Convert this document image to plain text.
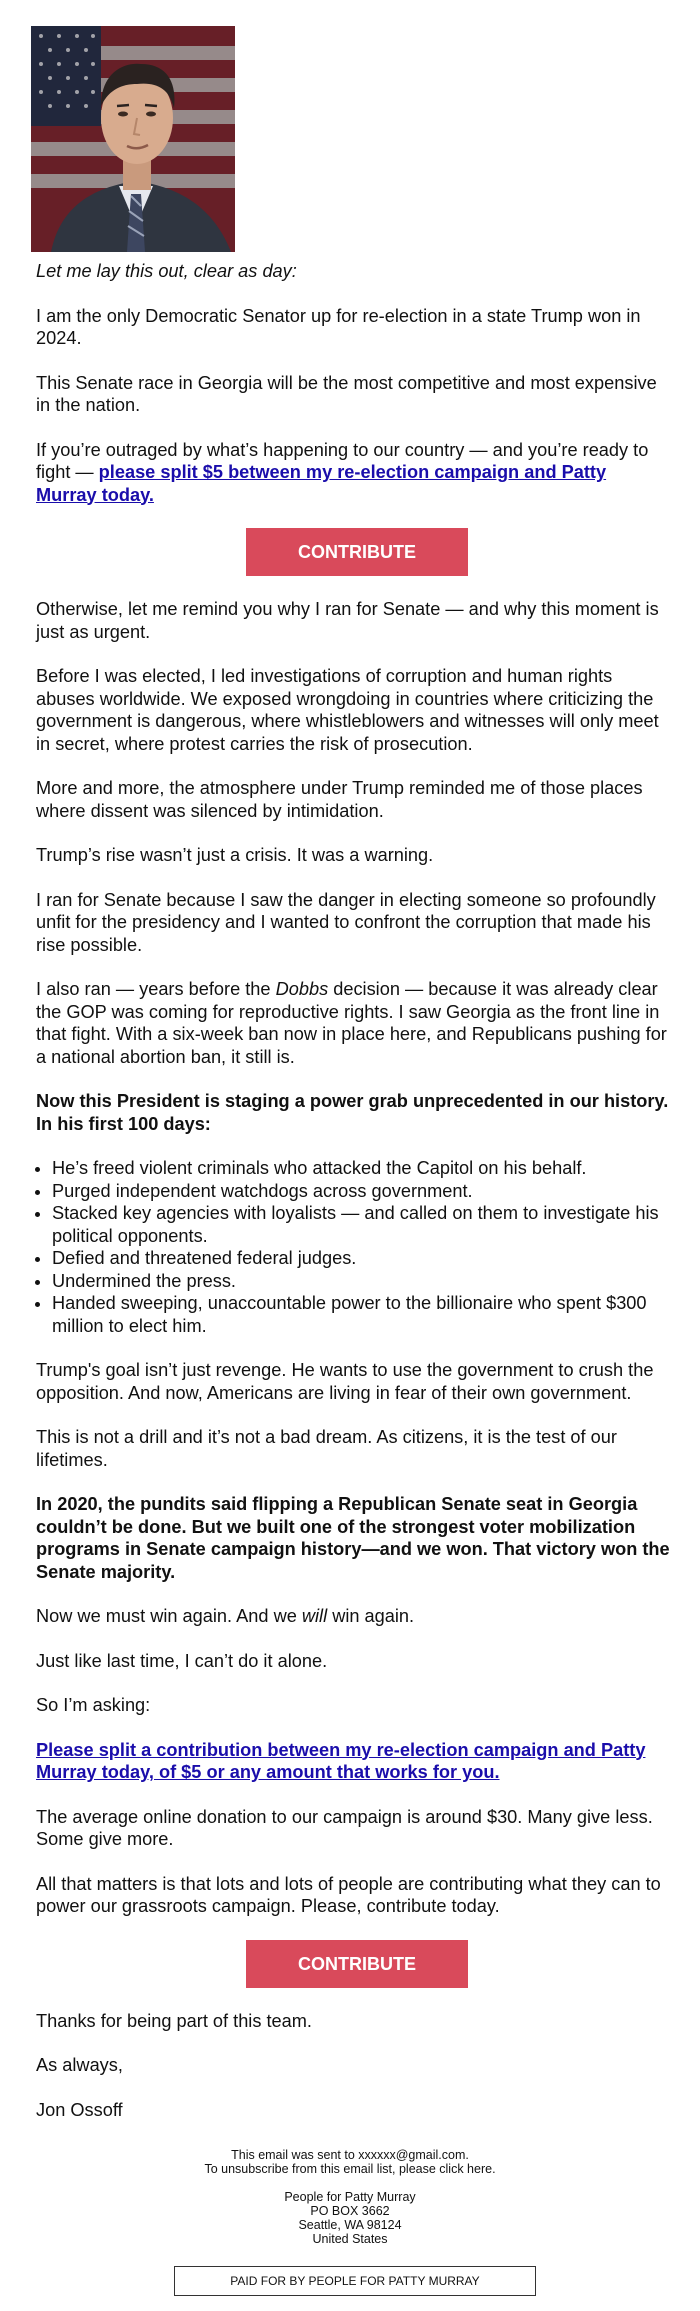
Let me lay this out, clear as day:

I am the only Democratic Senator up for re-election in a state Trump won in 2024.

This Senate race in Georgia will be the most competitive and most expensive in the nation.

If you’re outraged by what’s happening to our country — and you’re ready to fight — please split $5 between my re-election campaign and Patty Murray today.

CONTRIBUTE

Otherwise, let me remind you why I ran for Senate — and why this moment is just as urgent.

Before I was elected, I led investigations of corruption and human rights abuses worldwide. We exposed wrongdoing in countries where criticizing the government is dangerous, where whistleblowers and witnesses will only meet in secret, where protest carries the risk of prosecution.

More and more, the atmosphere under Trump reminded me of those places where dissent was silenced by intimidation.

Trump’s rise wasn’t just a crisis. It was a warning.

I ran for Senate because I saw the danger in electing someone so profoundly unfit for the presidency and I wanted to confront the corruption that made his rise possible.

I also ran — years before the Dobbs decision — because it was already clear the GOP was coming for reproductive rights. I saw Georgia as the front line in that fight. With a six-week ban now in place here, and Republicans pushing for a national abortion ban, it still is.

Now this President is staging a power grab unprecedented in our history. In his first 100 days:

• He’s freed violent criminals who attacked the Capitol on his behalf.
• Purged independent watchdogs across government.
• Stacked key agencies with loyalists — and called on them to investigate his political opponents.
• Defied and threatened federal judges.
• Undermined the press.
• Handed sweeping, unaccountable power to the billionaire who spent $300 million to elect him.

Trump's goal isn’t just revenge. He wants to use the government to crush the opposition. And now, Americans are living in fear of their own government.

This is not a drill and it’s not a bad dream. As citizens, it is the test of our lifetimes.

In 2020, the pundits said flipping a Republican Senate seat in Georgia couldn’t be done. But we built one of the strongest voter mobilization programs in Senate campaign history—and we won. That victory won the Senate majority.

Now we must win again. And we will win again.

Just like last time, I can’t do it alone.

So I’m asking:

Please split a contribution between my re-election campaign and Patty Murray today, of $5 or any amount that works for you.

The average online donation to our campaign is around $30. Many give less. Some give more.

All that matters is that lots and lots of people are contributing what they can to power our grassroots campaign. Please, contribute today.

CONTRIBUTE

Thanks for being part of this team.

As always,

Jon Ossoff

This email was sent to xxxxxx@gmail.com.
To unsubscribe from this email list, please click here.

People for Patty Murray
PO BOX 3662
Seattle, WA 98124
United States

PAID FOR BY PEOPLE FOR PATTY MURRAY
